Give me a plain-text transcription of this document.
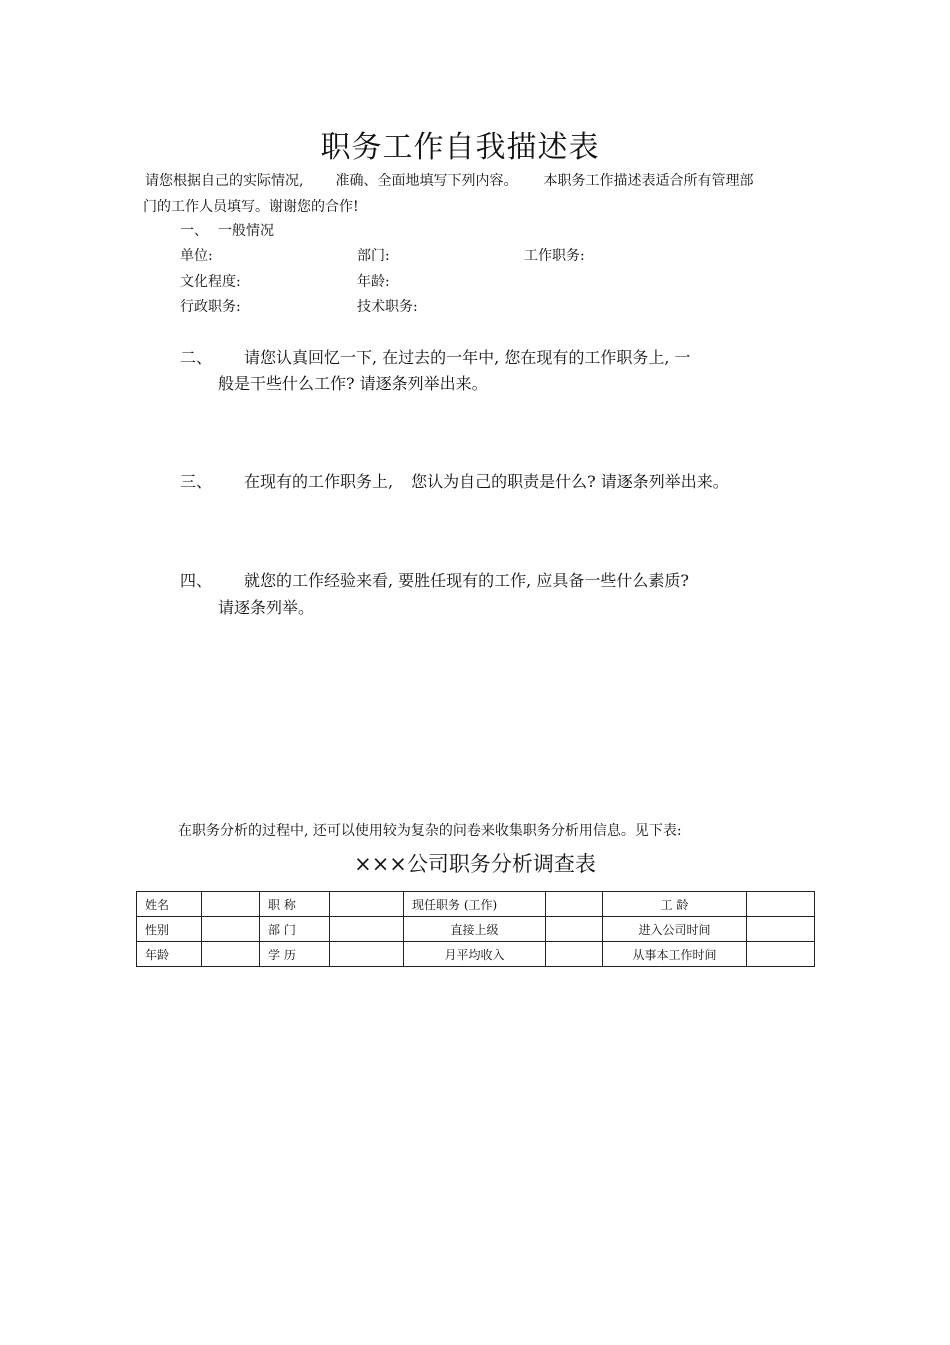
职务工作自我描述表
请您根据自己的实际情况, 准确、全面地填写下列内容。 本职务工作描述表适合所有管理部
门的工作人员填写。谢谢您的合作!
一、 一般情况
单位:	部门:	工作职务:
文化程度:	年龄:
行政职务:	技术职务:
二、 请您认真回忆一下, 在过去的一年中, 您在现有的工作职务上, 一
般是干些什么工作? 请逐条列举出来。
三、 在现有的工作职务上, 您认为自己的职责是什么? 请逐条列举出来。
四、 就您的工作经验来看, 要胜任现有的工作, 应具备一些什么素质?
请逐条列举。
在职务分析的过程中, 还可以使用较为复杂的问卷来收集职务分析用信息。见下表:
×××公司职务分析调查表
姓名		职 称		现任职务 (工作)		工 龄	
性别		部 门		直接上级		进入公司时间	
年龄		学 历		月平均收入		从事本工作时间	
